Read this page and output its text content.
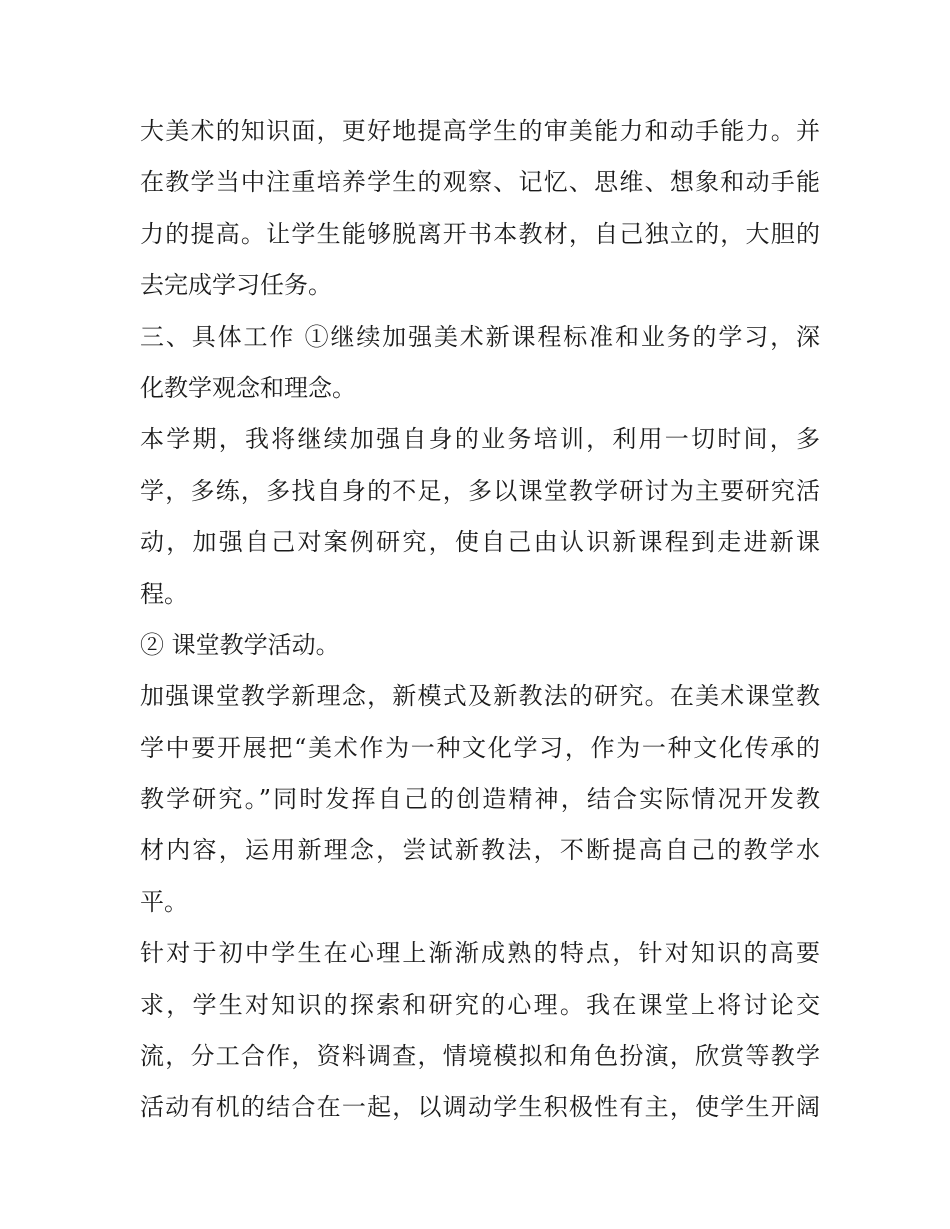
大美术的知识面，更好地提高学生的审美能力和动手能力。并
在教学当中注重培养学生的观察、记忆、思维、想象和动手能
力的提高。让学生能够脱离开书本教材，自己独立的，大胆的
去完成学习任务。
三、具体工作 ①继续加强美术新课程标准和业务的学习，深
化教学观念和理念。
本学期，我将继续加强自身的业务培训，利用一切时间，多
学，多练，多找自身的不足，多以课堂教学研讨为主要研究活
动，加强自己对案例研究，使自己由认识新课程到走进新课
程。
② 课堂教学活动。
加强课堂教学新理念，新模式及新教法的研究。在美术课堂教
学中要开展把“美术作为一种文化学习，作为一种文化传承的
教学研究。”同时发挥自己的创造精神，结合实际情况开发教
材内容，运用新理念，尝试新教法，不断提高自己的教学水
平。
针对于初中学生在心理上渐渐成熟的特点，针对知识的高要
求，学生对知识的探索和研究的心理。我在课堂上将讨论交
流，分工合作，资料调查，情境模拟和角色扮演，欣赏等教学
活动有机的结合在一起，以调动学生积极性有主，使学生开阔
